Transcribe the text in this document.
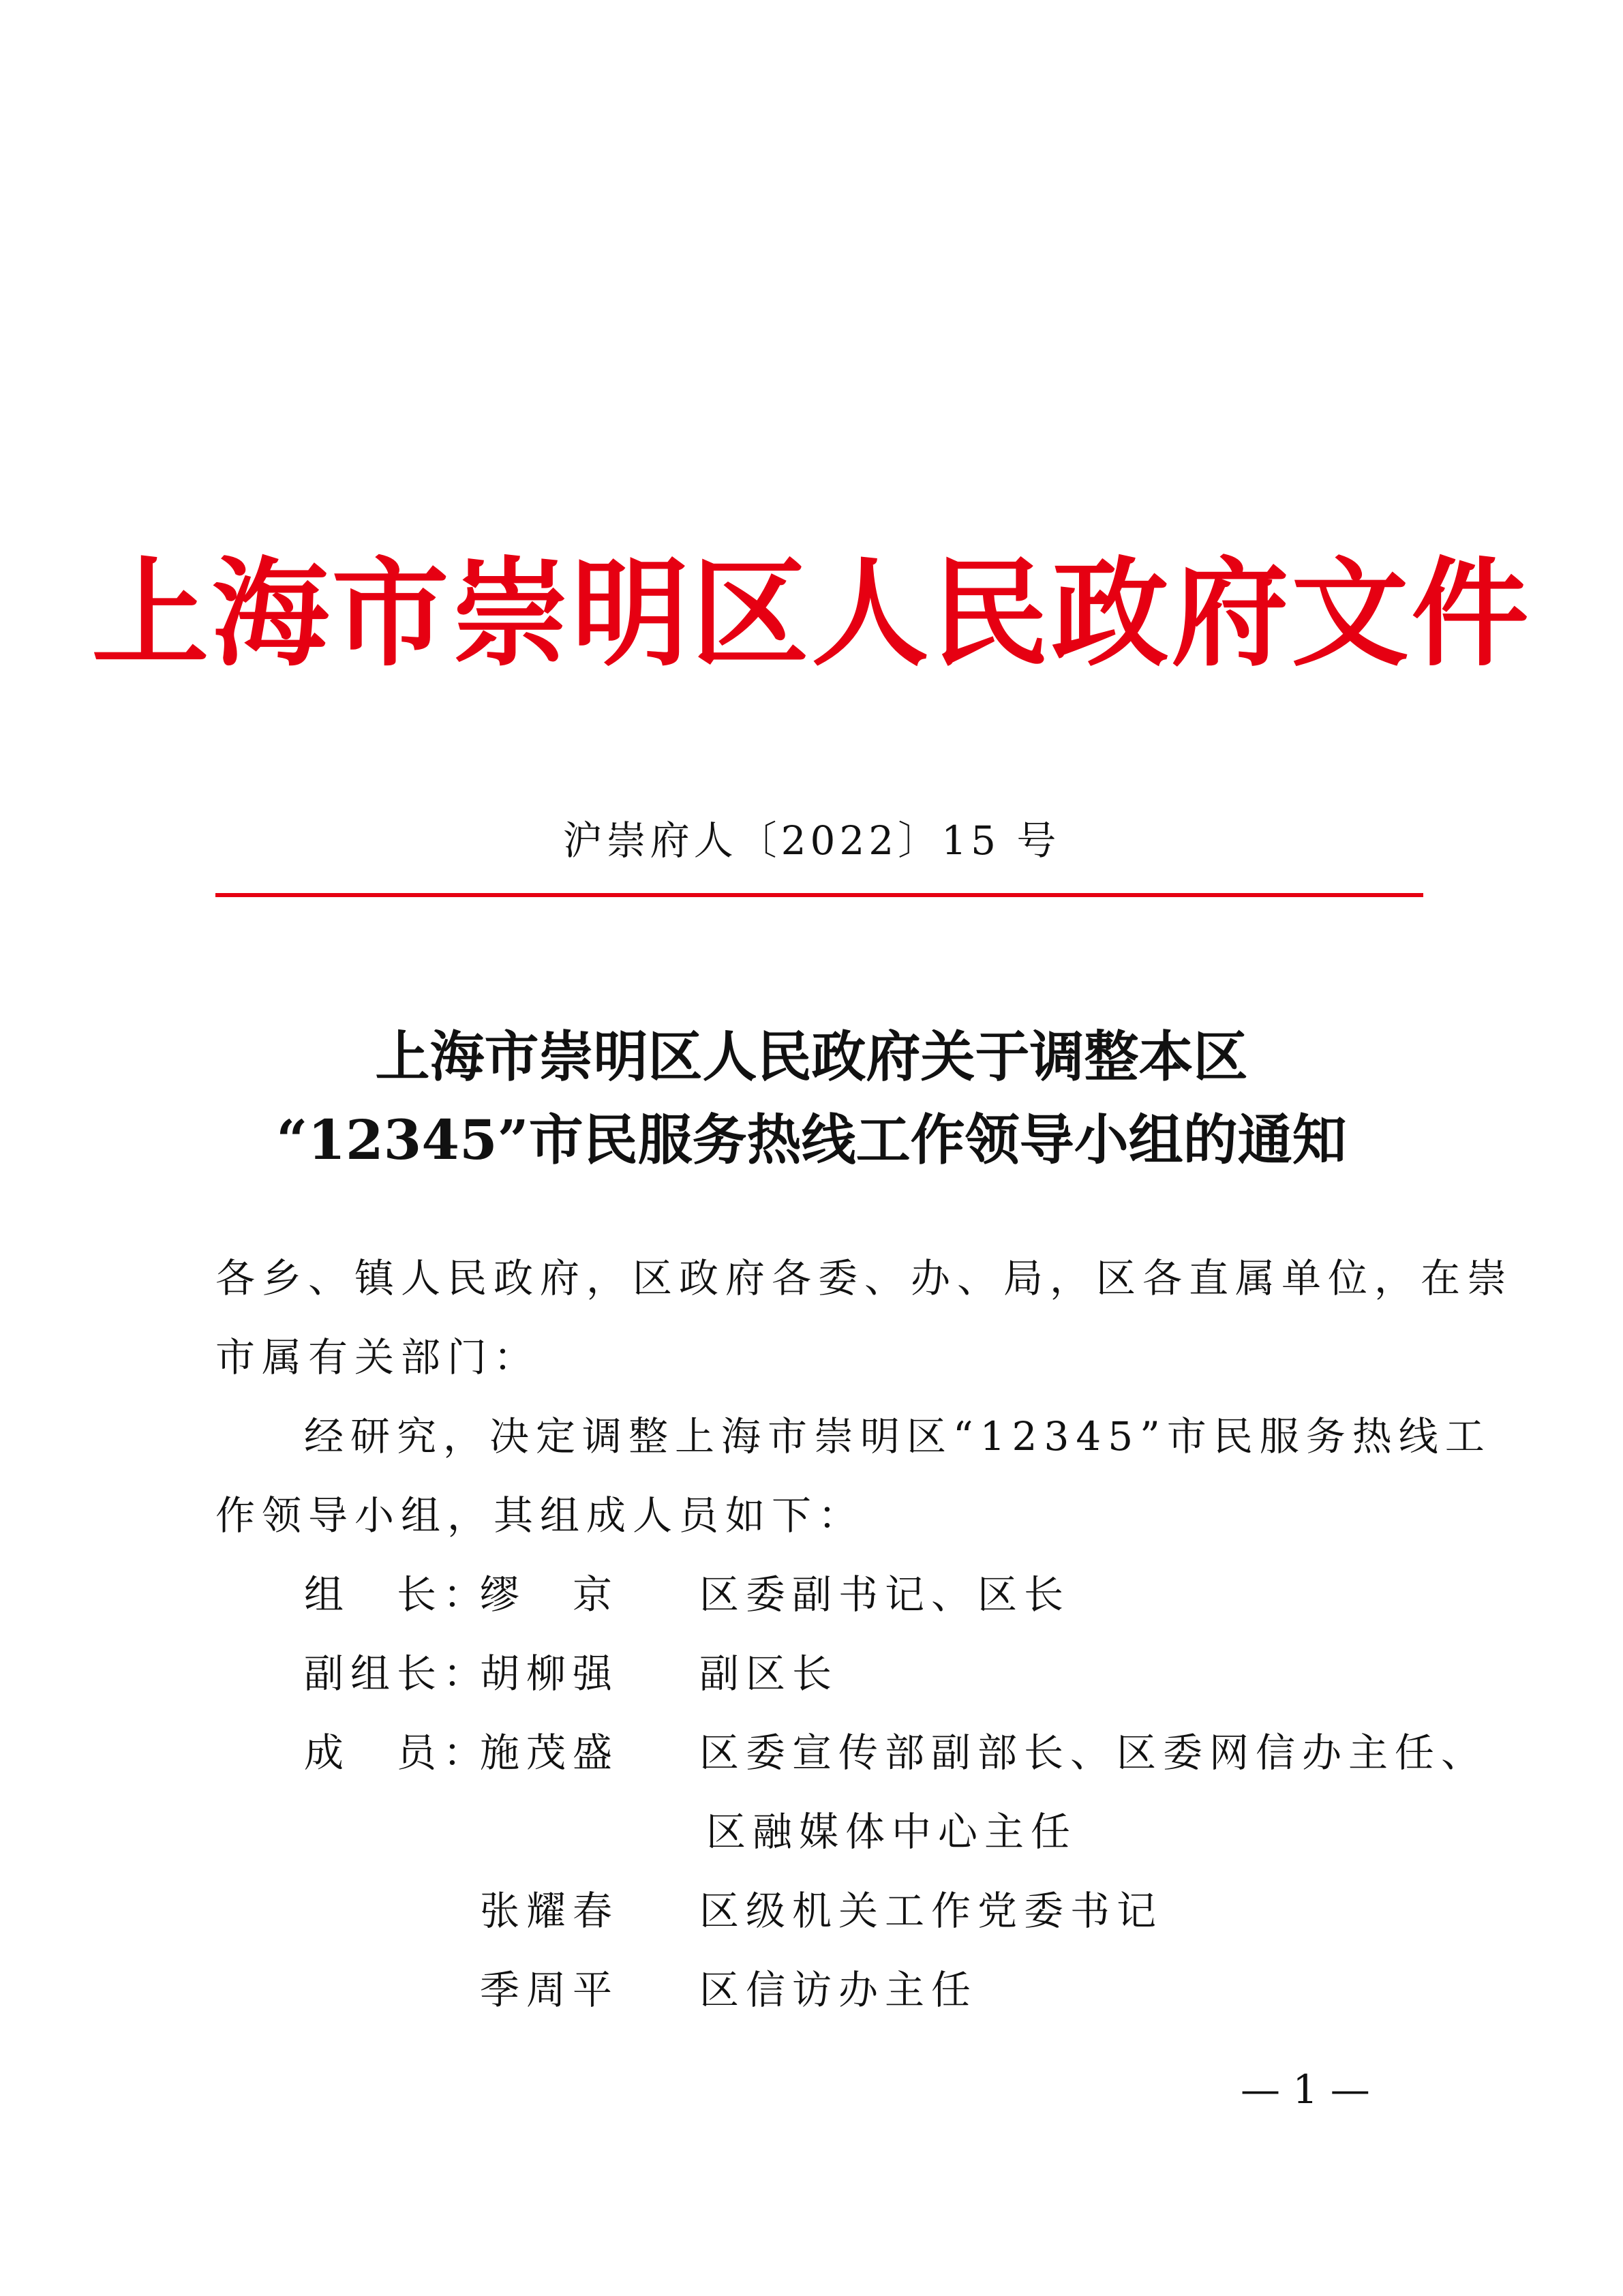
上海市崇明区人民政府文件
沪崇府人〔2022〕15 号
上海市崇明区人民政府关于调整本区
“12345”市民服务热线工作领导小组的通知
各乡、镇人民政府，区政府各委、办、局，区各直属单位，在崇
市属有关部门：
经研究，决定调整上海市崇明区“12345”市民服务热线工
作领导小组，其组成人员如下：
组　长：
缪　京 区委副书记、区长
副组长：
胡柳强 副区长
成　员：
施茂盛 区委宣传部副部长、区委网信办主任、
区融媒体中心主任
张耀春 区级机关工作党委书记
季周平 区信访办主任
— 1 —
